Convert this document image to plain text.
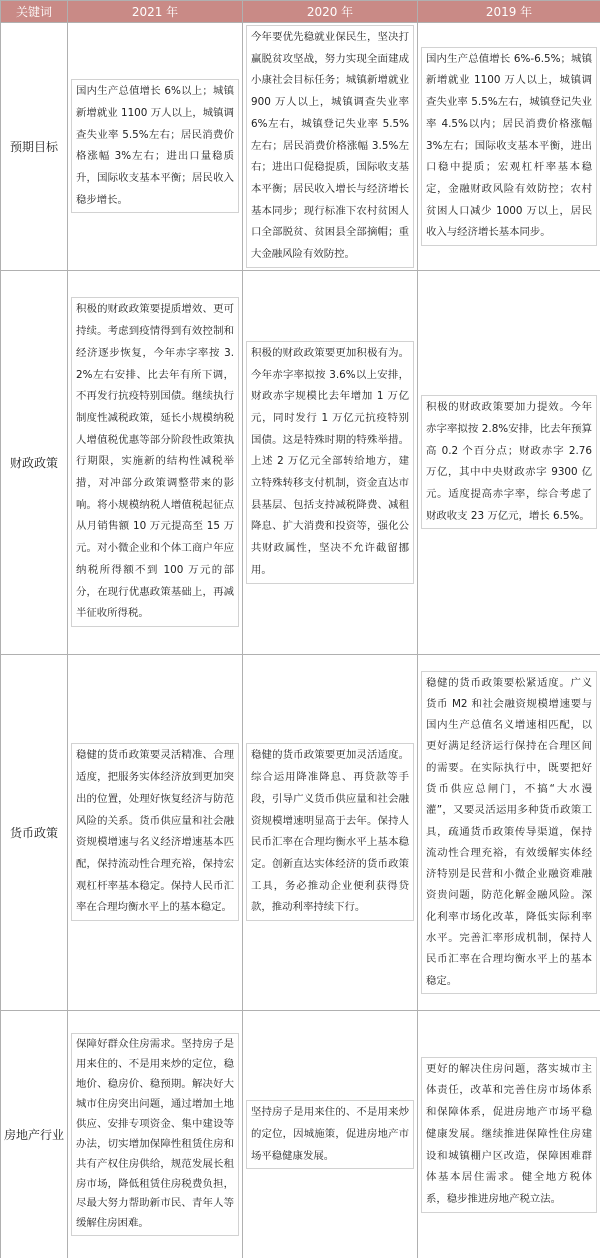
关键词	2021 年	2020 年	2019 年
预期目标	国内生产总值增长 6%以上；城镇新增就业 1100 万人以上，城镇调查失业率 5.5%左右；居民消费价格涨幅 3%左右；进出口量稳质升，国际收支基本平衡；居民收入稳步增长。	今年要优先稳就业保民生，坚决打赢脱贫攻坚战，努力实现全面建成小康社会目标任务；城镇新增就业 900 万人以上，城镇调查失业率 6%左右，城镇登记失业率 5.5%左右；居民消费价格涨幅 3.5%左右；进出口促稳提质，国际收支基本平衡；居民收入增长与经济增长基本同步；现行标准下农村贫困人口全部脱贫、贫困县全部摘帽；重大金融风险有效防控。	国内生产总值增长 6%-6.5%；城镇新增就业 1100 万人以上，城镇调查失业率 5.5%左右，城镇登记失业率 4.5%以内；居民消费价格涨幅 3%左右；国际收支基本平衡，进出口稳中提质；宏观杠杆率基本稳定，金融财政风险有效防控；农村贫困人口减少 1000 万以上，居民收入与经济增长基本同步。

财政政策	积极的财政政策要提质增效、更可持续。考虑到疫情得到有效控制和经济逐步恢复，今年赤字率按 3.2%左右安排、比去年有所下调，不再发行抗疫特别国债。继续执行制度性减税政策，延长小规模纳税人增值税优惠等部分阶段性政策执行期限，实施新的结构性减税举措，对冲部分政策调整带来的影响。将小规模纳税人增值税起征点从月销售额 10 万元提高至 15 万元。对小微企业和个体工商户年应纳税所得额不到 100 万元的部分，在现行优惠政策基础上，再减半征收所得税。	积极的财政政策要更加积极有为。今年赤字率拟按 3.6%以上安排，财政赤字规模比去年增加 1 万亿元，同时发行 1 万亿元抗疫特别国债。这是特殊时期的特殊举措。上述 2 万亿元全部转给地方，建立特殊转移支付机制，资金直达市县基层、包括支持减税降费、减租降息、扩大消费和投资等，强化公共财政属性，坚决不允许截留挪用。	积极的财政政策要加力提效。今年赤字率拟按 2.8%安排，比去年预算高 0.2 个百分点；财政赤字 2.76 万亿，其中中央财政赤字 9300 亿元。适度提高赤字率，综合考虑了财政收支 23 万亿元，增长 6.5%。

货币政策	稳健的货币政策要灵活精准、合理适度，把服务实体经济放到更加突出的位置，处理好恢复经济与防范风险的关系。货币供应量和社会融资规模增速与名义经济增速基本匹配，保持流动性合理充裕，保持宏观杠杆率基本稳定。保持人民币汇率在合理均衡水平上的基本稳定。	稳健的货币政策要更加灵活适度。综合运用降准降息、再贷款等手段，引导广义货币供应量和社会融资规模增速明显高于去年。保持人民币汇率在合理均衡水平上基本稳定。创新直达实体经济的货币政策工具，务必推动企业便利获得贷款，推动利率持续下行。	稳健的货币政策要松紧适度。广义货币 M2 和社会融资规模增速要与国内生产总值名义增速相匹配，以更好满足经济运行保持在合理区间的需要。在实际执行中，既要把好货币供应总闸门，不搞“大水漫灌”，又要灵活运用多种货币政策工具，疏通货币政策传导渠道，保持流动性合理充裕，有效缓解实体经济特别是民营和小微企业融资难融资贵问题，防范化解金融风险。深化利率市场化改革，降低实际利率水平。完善汇率形成机制，保持人民币汇率在合理均衡水平上的基本稳定。

房地产行业	保障好群众住房需求。坚持房子是用来住的、不是用来炒的定位，稳地价、稳房价、稳预期。解决好大城市住房突出问题，通过增加土地供应、安排专项资金、集中建设等办法，切实增加保障性租赁住房和共有产权住房供给，规范发展长租房市场，降低租赁住房税费负担，尽最大努力帮助新市民、青年人等缓解住房困难。	坚持房子是用来住的、不是用来炒的定位，因城施策，促进房地产市场平稳健康发展。	更好的解决住房问题，落实城市主体责任，改革和完善住房市场体系和保障体系，促进房地产市场平稳健康发展。继续推进保障性住房建设和城镇棚户区改造，保障困难群体基本居住需求。健全地方税体系，稳步推进房地产税立法。
